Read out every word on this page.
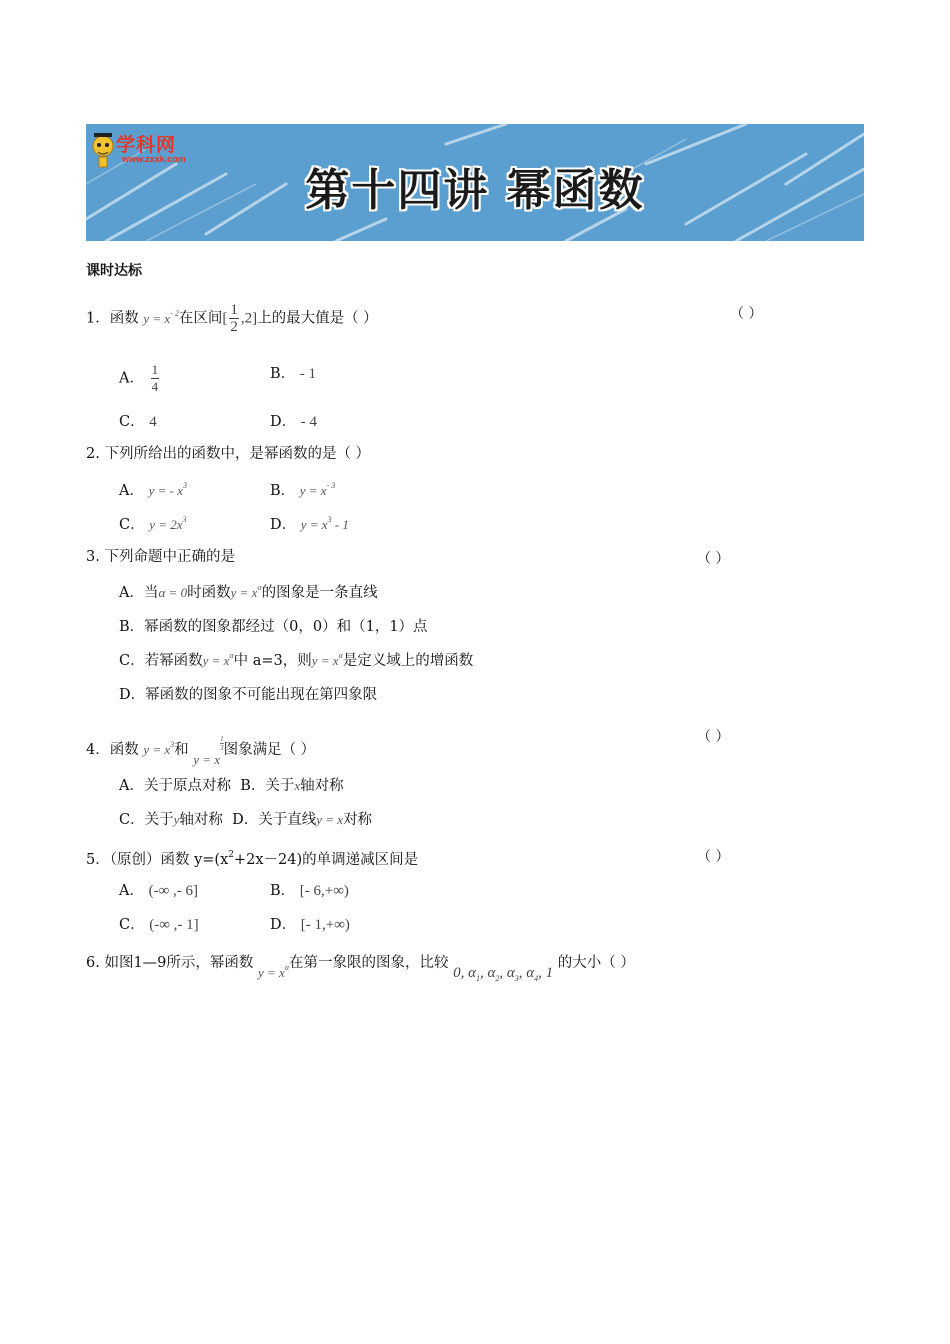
学科网
www.zxxk.com
第十四讲 幂函数
课时达标
1．函数 $y = x^{- 2}$在区间[ $\frac{1}{2} ,2$]上的最大值是（ ）	（ ）
A． $\frac{1}{4}$	B． - 1
C． 4	D． - 4
2. 下列所给出的函数中，是幂函数的是（ ）
A． y = - $x^3$	B． $y = x^{- 3}$
C． $y = 2x^3$	D． $y = x^3 - 1$
3. 下列命题中正确的是	（ ）
A．当α = 0时函数$y = x^\alpha$的图象是一条直线
B．幂函数的图象都经过（0，0）和（1，1）点
C．若幂函数$y = x^\alpha$中 a=3，则$y = x^\alpha$是定义域上的增函数
D．幂函数的图象不可能出现在第四象限
4．函数 $y = x^3$和 y = x
$\frac{1}{3}$ 图象满足（ ）
（ ）
A．关于原点对称 B．关于x轴对称
C．关于y轴对称 D．关于直线y = x对称
5．（原创）函数 $y=(x^2+2x-24)$的单调递减区间是	（ ）
A． (-∞ ,- 6]	B． [- 6,+∞)
C． (-∞ ,- 1]	D． [- 1,+∞)
6. 如图1—9所示，幂函数 $y = x^\alpha$在第一象限的图象，比较 0, $\alpha_1$, $\alpha_2$, $\alpha_3$, $\alpha_4$, 1 的大小（ ）
